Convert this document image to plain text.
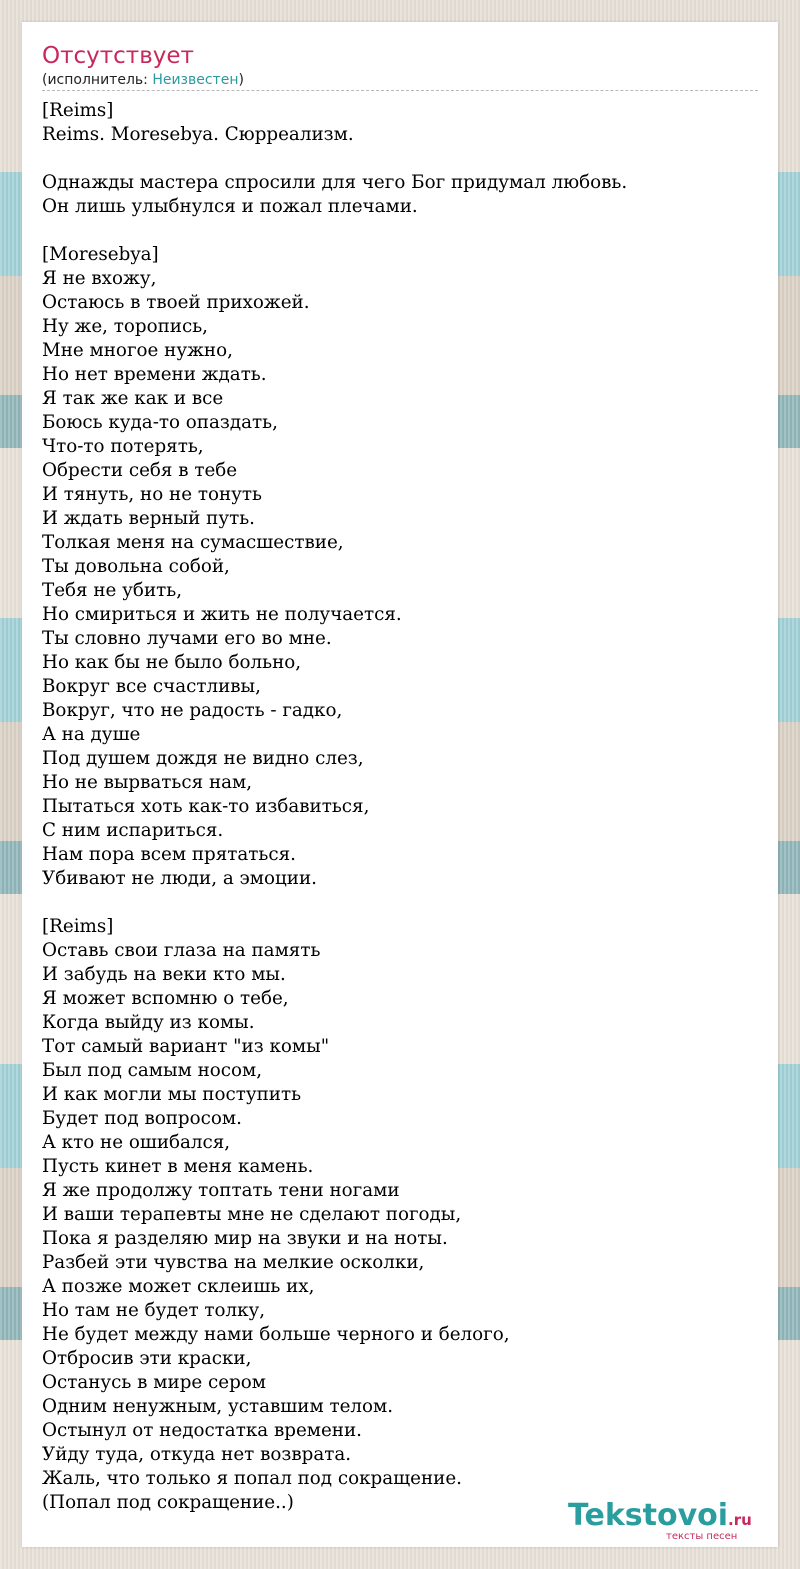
Отсутствует
(исполнитель: Неизвестен)
[Reims]
Reims. Moresebya. Сюрреализм.

Однажды мастера спросили для чего Бог придумал любовь.
Он лишь улыбнулся и пожал плечами.

[Moresebya]
Я не вхожу,
Остаюсь в твоей прихожей.
Ну же, торопись,
Мне многое нужно,
Но нет времени ждать.
Я так же как и все
Боюсь куда-то опаздать,
Что-то потерять,
Обрести себя в тебе
И тянуть, но не тонуть
И ждать верный путь.
Толкая меня на сумасшествие,
Ты довольна собой,
Тебя не убить,
Но смириться и жить не получается.
Ты словно лучами его во мне.
Но как бы не было больно,
Вокруг все счастливы,
Вокруг, что не радость - гадко,
А на душе
Под душем дождя не видно слез,
Но не вырваться нам,
Пытаться хоть как-то избавиться,
С ним испариться.
Нам пора всем прятаться.
Убивают не люди, а эмоции.

[Reims]
Оставь свои глаза на память
И забудь на веки кто мы.
Я может вспомню о тебе,
Когда выйду из комы.
Тот самый вариант "из комы"
Был под самым носом,
И как могли мы поступить
Будет под вопросом.
А кто не ошибался,
Пусть кинет в меня камень.
Я же продолжу топтать тени ногами
И ваши терапевты мне не сделают погоды,
Пока я разделяю мир на звуки и на ноты.
Разбей эти чувства на мелкие осколки,
А позже может склеишь их,
Но там не будет толку,
Не будет между нами больше черного и белого,
Отбросив эти краски,
Останусь в мире сером
Одним ненужным, уставшим телом.
Остынул от недостатка времени.
Уйду туда, откуда нет возврата.
Жаль, что только я попал под сокращение.
(Попал под сокращение..)	Tekstovoi.ru
тексты песен
